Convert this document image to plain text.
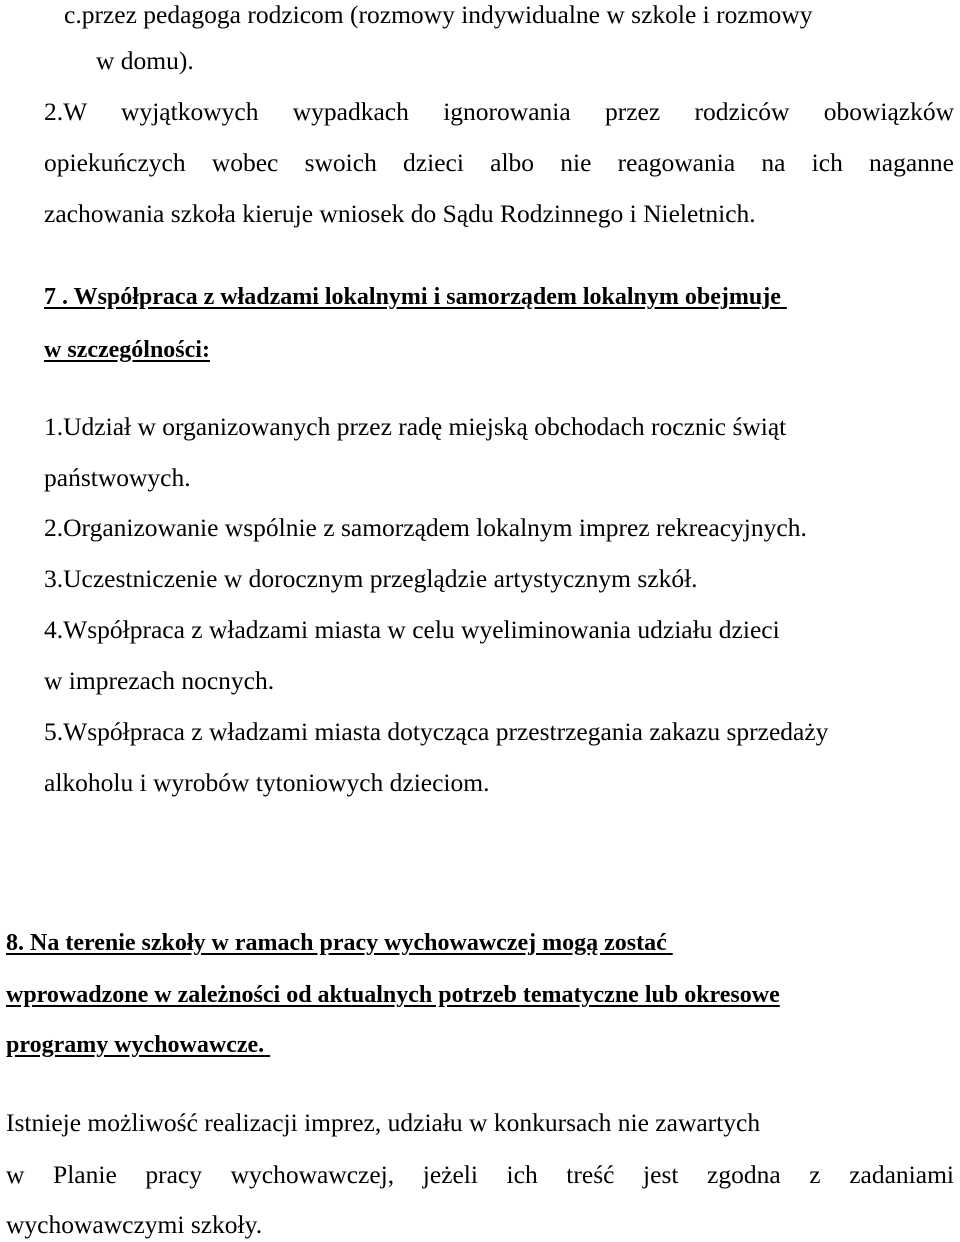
c.przez pedagoga rodzicom (rozmowy indywidualne w szkole i rozmowy
w domu).
2.W wyjątkowych wypadkach ignorowania przez rodziców obowiązków
opiekuńczych wobec swoich dzieci albo nie reagowania na ich naganne
zachowania szkoła kieruje wniosek do Sądu Rodzinnego i Nieletnich.
7 . Współpraca z władzami lokalnymi i samorządem lokalnym obejmuje
w szczególności:
1.Udział w organizowanych przez radę miejską obchodach rocznic świąt
państwowych.
2.Organizowanie wspólnie z samorządem lokalnym imprez rekreacyjnych.
3.Uczestniczenie w dorocznym przeglądzie artystycznym szkół.
4.Współpraca z władzami miasta w celu wyeliminowania udziału dzieci
w imprezach nocnych.
5.Współpraca z władzami miasta dotycząca przestrzegania zakazu sprzedaży
alkoholu i wyrobów tytoniowych dzieciom.
8. Na terenie szkoły w ramach pracy wychowawczej mogą zostać
wprowadzone w zależności od aktualnych potrzeb tematyczne lub okresowe
programy wychowawcze.
Istnieje możliwość realizacji imprez, udziału w konkursach nie zawartych
w Planie pracy wychowawczej, jeżeli ich treść jest zgodna z zadaniami
wychowawczymi szkoły.
